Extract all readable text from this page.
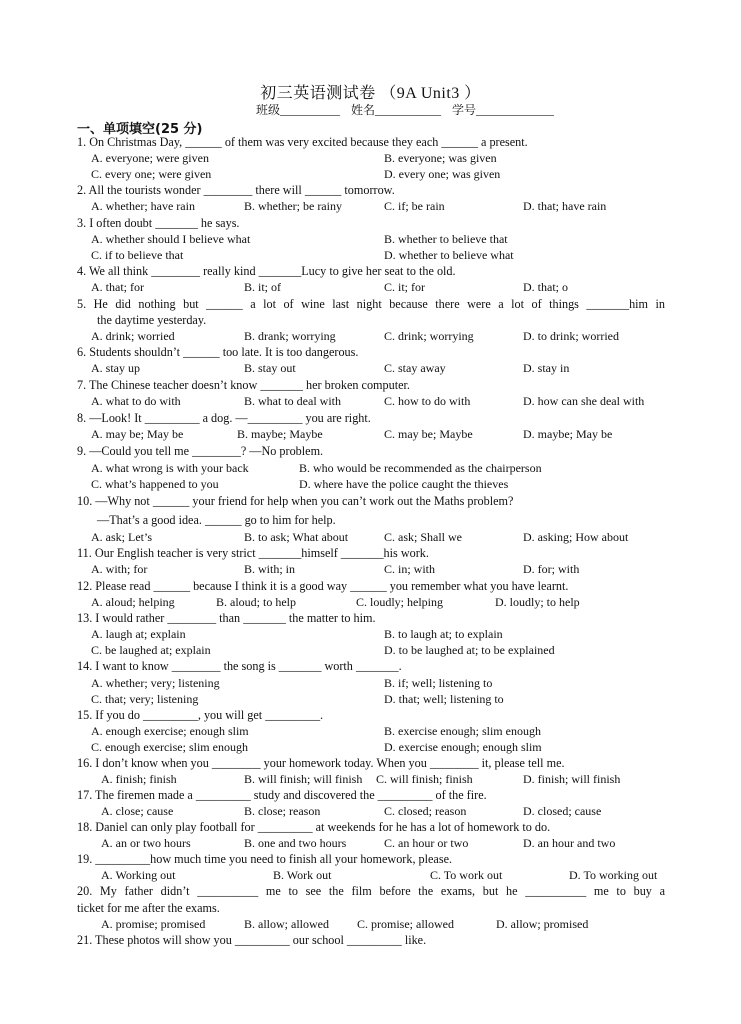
初三英语测试卷 （9A Unit3 ）
班级__________ 姓名___________ 学号_____________
一、单项填空(25 分)
1. On Christmas Day, ______ of them was very excited because they each ______ a present.
A. everyone; were given	B. everyone; was given
C. every one; were given	D. every one; was given
2. All the tourists wonder ________ there will ______ tomorrow.
A. whether; have rain	B. whether; be rainy	C. if; be rain	D. that; have rain
3. I often doubt _______ he says.
A. whether should I believe what	B. whether to believe that
C. if to believe that	D. whether to believe what
4. We all think ________ really kind _______Lucy to give her seat to the old.
A. that; for	B. it; of	C. it; for	D. that; o
5. He did nothing but ______ a lot of wine last night because there were a lot of things _______him in
the daytime yesterday.
A. drink; worried	B. drank; worrying	C. drink; worrying	D. to drink; worried
6. Students shouldn’t ______ too late. It is too dangerous.
A. stay up	B. stay out	C. stay away	D. stay in
7. The Chinese teacher doesn’t know _______ her broken computer.
A. what to do with	B. what to deal with	C. how to do with	D. how can she deal with
8. —Look! It _________ a dog. —_________ you are right.
A. may be; May be	B. maybe; Maybe	C. may be; Maybe	D. maybe; May be
9. —Could you tell me ________? —No problem.
A. what wrong is with your back	B. who would be recommended as the chairperson
C. what’s happened to you	D. where have the police caught the thieves
10. —Why not ______ your friend for help when you can’t work out the Maths problem?
—That’s a good idea. ______ go to him for help.
A. ask; Let’s	B. to ask; What about	C. ask; Shall we	D. asking; How about
11. Our English teacher is very strict _______himself _______his work.
A. with; for	B. with; in	C. in; with	D. for; with
12. Please read ______ because I think it is a good way ______ you remember what you have learnt.
A. aloud; helping	B. aloud; to help	C. loudly; helping	D. loudly; to help
13. I would rather ________ than _______ the matter to him.
A. laugh at; explain	B. to laugh at; to explain
C. be laughed at; explain	D. to be laughed at; to be explained
14. I want to know ________ the song is _______ worth _______.
A. whether; very; listening	B. if; well; listening to
C. that; very; listening	D. that; well; listening to
15. If you do _________, you will get _________.
A. enough exercise; enough slim	B. exercise enough; slim enough
C. enough exercise; slim enough	D. exercise enough; enough slim
16. I don’t know when you ________ your homework today. When you ________ it, please tell me.
A. finish; finish	B. will finish; will finish C. will finish; finish	D. finish; will finish
17. The firemen made a _________ study and discovered the _________ of the fire.
A. close; cause	B. close; reason	C. closed; reason	D. closed; cause
18. Daniel can only play football for _________ at weekends for he has a lot of homework to do.
A. an or two hours	B. one and two hours	C. an hour or two	D. an hour and two
19. _________how much time you need to finish all your homework, please.
A. Working out	B. Work out	C. To work out	D. To working out
20. My father didn’t __________ me to see the film before the exams, but he __________ me to buy a
ticket for me after the exams.
A. promise; promised	B. allow; allowed C. promise; allowed	D. allow; promised
21. These photos will show you _________ our school _________ like.
